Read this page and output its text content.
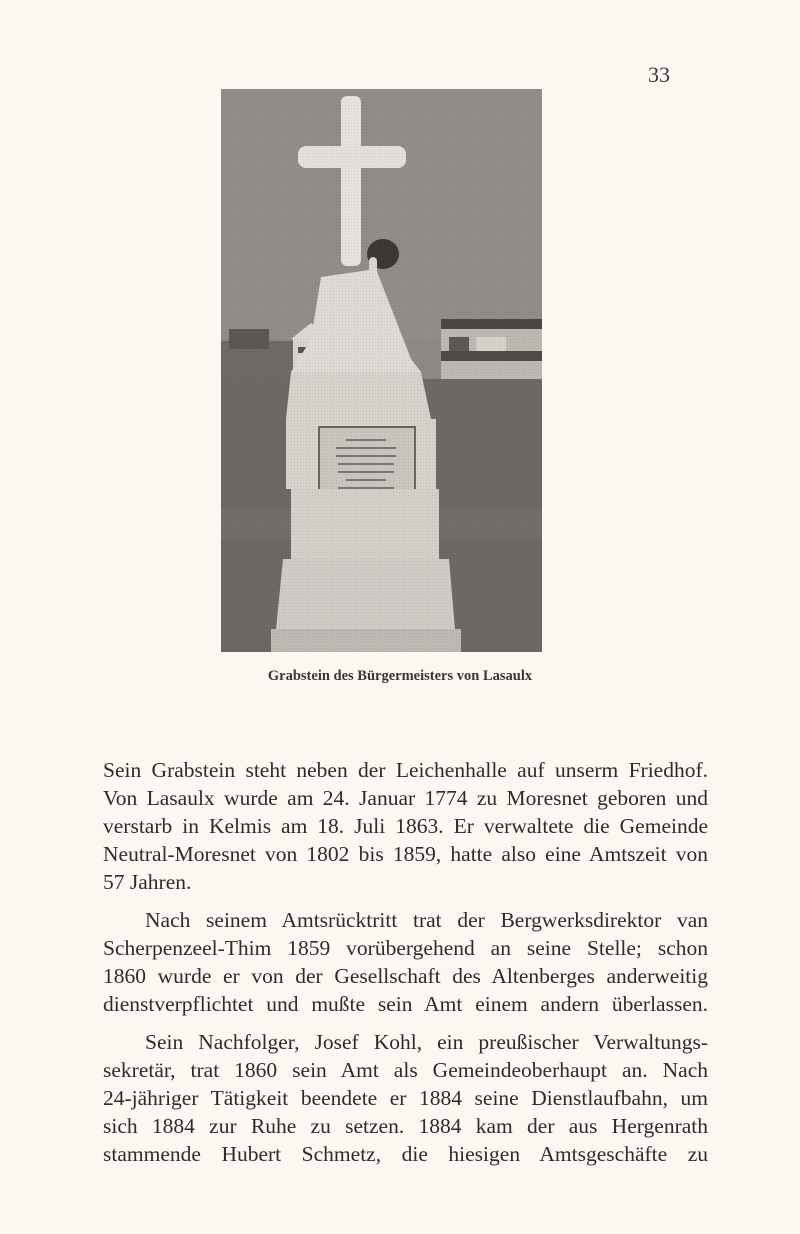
33
Grabstein des Bürgermeisters von Lasaulx

Sein Grabstein steht neben der Leichenhalle auf unserm Friedhof.
Von Lasaulx wurde am 24. Januar 1774 zu Moresnet geboren und
verstarb in Kelmis am 18. Juli 1863. Er verwaltete die Gemeinde
Neutral-Moresnet von 1802 bis 1859, hatte also eine Amtszeit von
57 Jahren.

Nach seinem Amtsrücktritt trat der Bergwerksdirektor van
Scherpenzeel-Thim 1859 vorübergehend an seine Stelle; schon
1860 wurde er von der Gesellschaft des Altenberges anderweitig
dienstverpflichtet und mußte sein Amt einem andern überlassen.

Sein Nachfolger, Josef Kohl, ein preußischer Verwaltungs-
sekretär, trat 1860 sein Amt als Gemeindeoberhaupt an. Nach
24-jähriger Tätigkeit beendete er 1884 seine Dienstlaufbahn, um
sich 1884 zur Ruhe zu setzen. 1884 kam der aus Hergenrath
stammende Hubert Schmetz, die hiesigen Amtsgeschäfte zu
